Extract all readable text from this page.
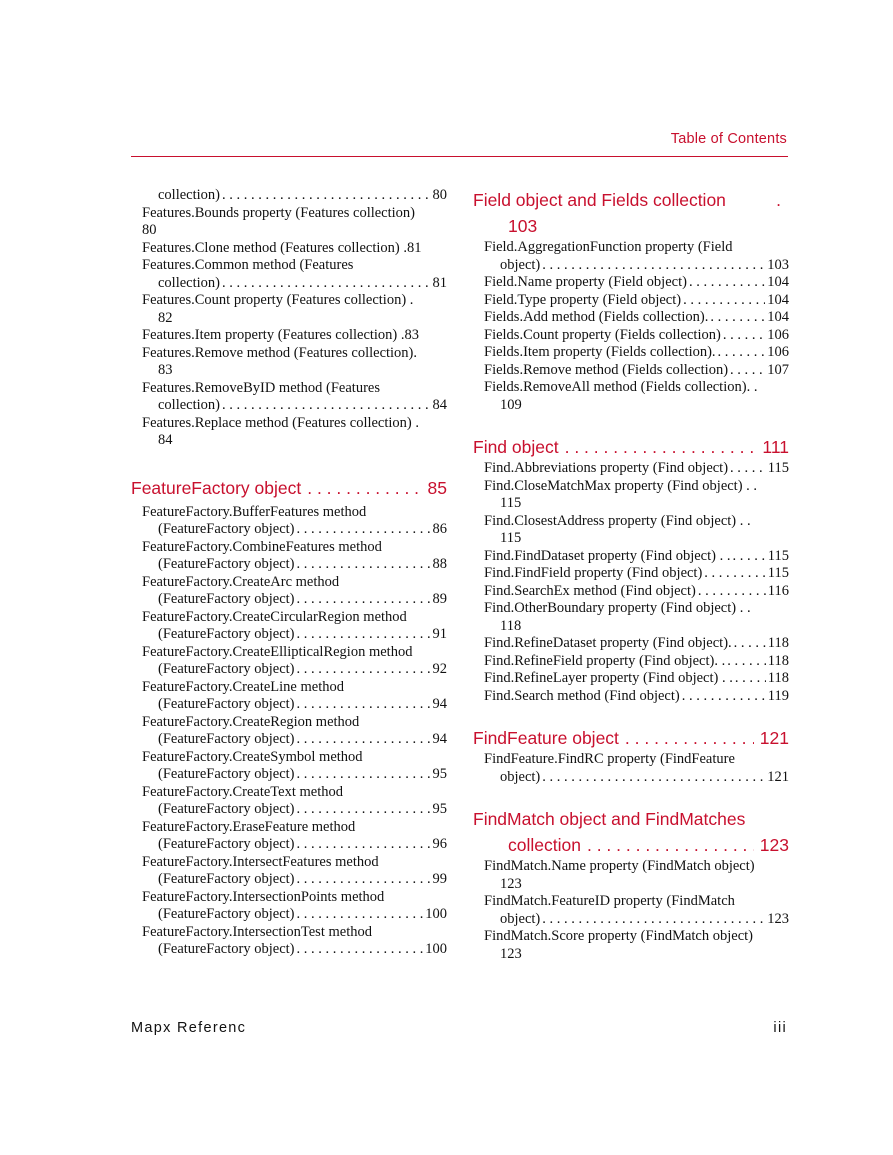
Table of Contents
collection) . . .	80
Features.Bounds property (Features collection)
80
Features.Clone method (Features collection) .81
Features.Common method (Features
collection) . . .	81
Features.Count property (Features collection) .
82
Features.Item property (Features collection) .83
Features.Remove method (Features collection).
83
Features.RemoveByID method (Features
collection) . . .	84
Features.Replace method (Features collection) .
84
FeatureFactory object . . .	85
FeatureFactory.BufferFeatures method
(FeatureFactory object) . . .	86
FeatureFactory.CombineFeatures method
(FeatureFactory object) . . .	88
FeatureFactory.CreateArc method
(FeatureFactory object) . . .	89
FeatureFactory.CreateCircularRegion method
(FeatureFactory object) . . .	91
FeatureFactory.CreateEllipticalRegion method
(FeatureFactory object) . . .	92
FeatureFactory.CreateLine method
(FeatureFactory object) . . .	94
FeatureFactory.CreateRegion method
(FeatureFactory object) . . .	94
FeatureFactory.CreateSymbol method
(FeatureFactory object) . . .	95
FeatureFactory.CreateText method
(FeatureFactory object) . . .	95
FeatureFactory.EraseFeature method
(FeatureFactory object) . . .	96
FeatureFactory.IntersectFeatures method
(FeatureFactory object) . . .	99
FeatureFactory.IntersectionPoints method
(FeatureFactory object) . . .	100
FeatureFactory.IntersectionTest method
(FeatureFactory object) . . .	100
Field object and Fields collection	.
103
Field.AggregationFunction property (Field
object) . . .	103
Field.Name property (Field object) . . .	104
Field.Type property (Field object) . . .	104
Fields.Add method (Fields collection). . . .	104
Fields.Count property (Fields collection) . . .	106
Fields.Item property (Fields collection). . . .	106
Fields.Remove method (Fields collection) . . .	107
Fields.RemoveAll method (Fields collection). .
109
Find object . . .	111
Find.Abbreviations property (Find object) . . .	115
Find.CloseMatchMax property (Find object) . .
115
Find.ClosestAddress property (Find object) . .
115
Find.FindDataset property (Find object) . . . . .	115
Find.FindField property (Find object) . . .	115
Find.SearchEx method (Find object) . . .	116
Find.OtherBoundary property (Find object) . .
118
Find.RefineDataset property (Find object). . . . 118
Find.RefineField property (Find object). . . . .	118
Find.RefineLayer property (Find object) . . . . . 118
Find.Search method (Find object) . . .	119
FindFeature object . . .	121
FindFeature.FindRC property (FindFeature
object) . . .	121
FindMatch object and FindMatches
collection . . .	123
FindMatch.Name property (FindMatch object)
123
FindMatch.FeatureID property (FindMatch
object) . . .	123
FindMatch.Score property (FindMatch object)
123
Mapx Referenc	iii
